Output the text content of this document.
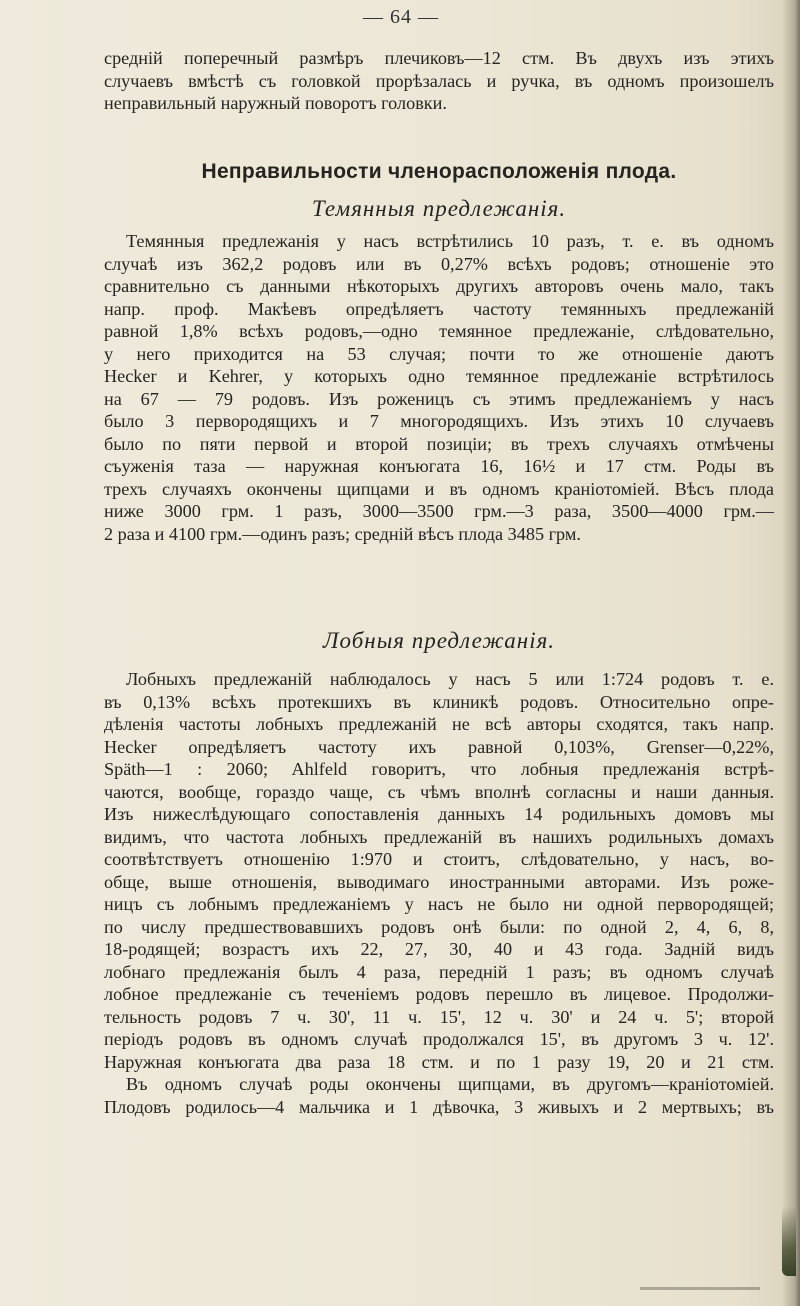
— 64 —
средній поперечный размѣръ плечиковъ—12 стм. Въ двухъ изъ этихъ
случаевъ вмѣстѣ съ головкой прорѣзалась и ручка, въ одномъ произошелъ
неправильный наружный поворотъ головки.
Неправильности членорасположенія плода.
Темянныя предлежанія.
Темянныя предлежанія у насъ встрѣтились 10 разъ, т. е. въ одномъ
случаѣ изъ 362,2 родовъ или въ 0,27% всѣхъ родовъ; отношеніе это
сравнительно съ данными нѣкоторыхъ другихъ авторовъ очень мало, такъ
напр. проф. Макѣевъ опредѣляетъ частоту темянныхъ предлежаній
равной 1,8% всѣхъ родовъ,—одно темянное предлежаніе, слѣдовательно,
у него приходится на 53 случая; почти то же отношеніе даютъ
Hecker и Kehrer, у которыхъ одно темянное предлежаніе встрѣтилось
на 67 — 79 родовъ. Изъ роженицъ съ этимъ предлежаніемъ у насъ
было 3 первородящихъ и 7 многородящихъ. Изъ этихъ 10 случаевъ
было по пяти первой и второй позиціи; въ трехъ случаяхъ отмѣчены
съуженія таза — наружная конъюгата 16, 16½ и 17 стм. Роды въ
трехъ случаяхъ окончены щипцами и въ одномъ краніотоміей. Вѣсъ плода
ниже 3000 грм. 1 разъ, 3000—3500 грм.—3 раза, 3500—4000 грм.—
2 раза и 4100 грм.—одинъ разъ; средній вѣсъ плода 3485 грм.
Лобныя предлежанія.
Лобныхъ предлежаній наблюдалось у насъ 5 или 1:724 родовъ т. е.
въ 0,13% всѣхъ протекшихъ въ клиникѣ родовъ. Относительно опре-
дѣленія частоты лобныхъ предлежаній не всѣ авторы сходятся, такъ напр.
Hecker опредѣляетъ частоту ихъ равной 0,103%, Grenser—0,22%,
Späth—1 : 2060; Ahlfeld говоритъ, что лобныя предлежанія встрѣ-
чаются, вообще, гораздо чаще, съ чѣмъ вполнѣ согласны и наши данныя.
Изъ нижеслѣдующаго сопоставленія данныхъ 14 родильныхъ домовъ мы
видимъ, что частота лобныхъ предлежаній въ нашихъ родильныхъ домахъ
соотвѣтствуетъ отношенію 1:970 и стоитъ, слѣдовательно, у насъ, во-
обще, выше отношенія, выводимаго иностранными авторами. Изъ роже-
ницъ съ лобнымъ предлежаніемъ у насъ не было ни одной первородящей;
по числу предшествовавшихъ родовъ онѣ были: по одной 2, 4, 6, 8,
18-родящей; возрастъ ихъ 22, 27, 30, 40 и 43 года. Задній видъ
лобнаго предлежанія былъ 4 раза, передній 1 разъ; въ одномъ случаѣ
лобное предлежаніе съ теченіемъ родовъ перешло въ лицевое. Продолжи-
тельность родовъ 7 ч. 30', 11 ч. 15', 12 ч. 30' и 24 ч. 5'; второй
періодъ родовъ въ одномъ случаѣ продолжался 15', въ другомъ 3 ч. 12'.
Наружная конъюгата два раза 18 стм. и по 1 разу 19, 20 и 21 стм.
Въ одномъ случаѣ роды окончены щипцами, въ другомъ—краніотоміей.
Плодовъ родилось—4 мальчика и 1 дѣвочка, 3 живыхъ и 2 мертвыхъ; въ
